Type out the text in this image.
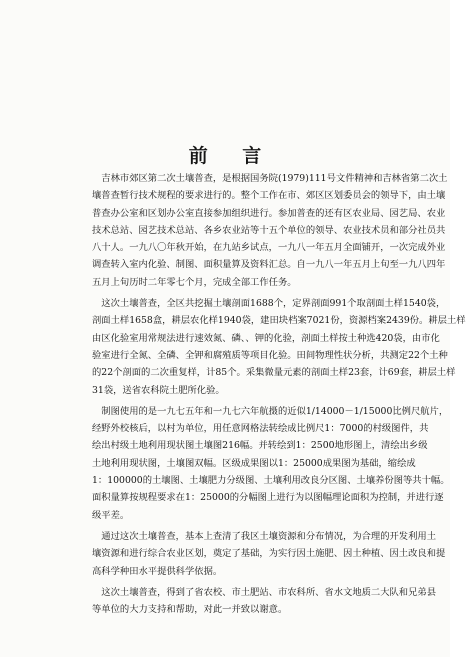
前 言

　吉林市郊区第二次土壤普查，是根据国务院(1979)111号文件精神和吉林省第二次土
壤普查暂行技术规程的要求进行的。整个工作在市、郊区区划委员会的领导下，由土壤
普查办公室和区划办公室直接参加组织进行。参加普查的还有区农业局、园艺局、农业
技术总站、园艺技术总站、各乡农业站等十五个单位的领导、农业技术员和部分社员共
八十人。一九八〇年秋开始，在九站乡试点，一九八一年五月全面铺开，一次完成外业
调查转入室内化验、制图、面积量算及资料汇总。自一九八一年五月上旬至一九八四年
五月上旬历时二年零七个月，完成全部工作任务。

　这次土壤普查，全区共挖掘土壤剖面1688个，定界剖面991个取剖面土样1540袋，
剖面土样1658盒，耕层农化样1940袋，建田块档案7021份，资源档案2439份。耕层土样
由区化验室用常规法进行速效氮、磷、、钾的化验，剖面土样按土种选420袋，由市化
验室进行全氮、全磷、全钾和腐殖质等项目化验。田间物理性状分析，共测定22个土种
的22个剖面的二次重复样，计85个。采集微量元素的剖面土样23套，计69套，耕层土样
31袋，送省农科院土肥所化验。

　制图使用的是一九七五年和一九七六年航摄的近似1/14000－1/15000比例尺航片，
经野外校核后，以村为单位，用任意网格法转绘成比例尺1：7000的村级图件，共
绘出村级土地利用现状图土壤图216幅。并转绘到1：2500地形图上，清绘出乡级
土地利用现状图，土壤图双幅。区级成果图以1：25000成果图为基础，缩绘成
1：100000的土壤图、土壤肥力分级图、土壤利用改良分区图、土壤养份图等共十幅。
面积量算按规程要求在1：25000的分幅图上进行为以图幅理论面积为控制，并进行逐
级平差。

　通过这次土壤普查，基本上查清了我区土壤资源和分布情况，为合理的开发利用土
壤资源和进行综合农业区划，奠定了基础，为实行因土施肥、因土种植、因土改良和提
高科学种田水平提供科学依据。

　这次土壤普查，得到了省农校、市土肥站、市农科所、省水文地质二大队和兄弟县
等单位的大力支持和帮助，对此一并致以谢意。
